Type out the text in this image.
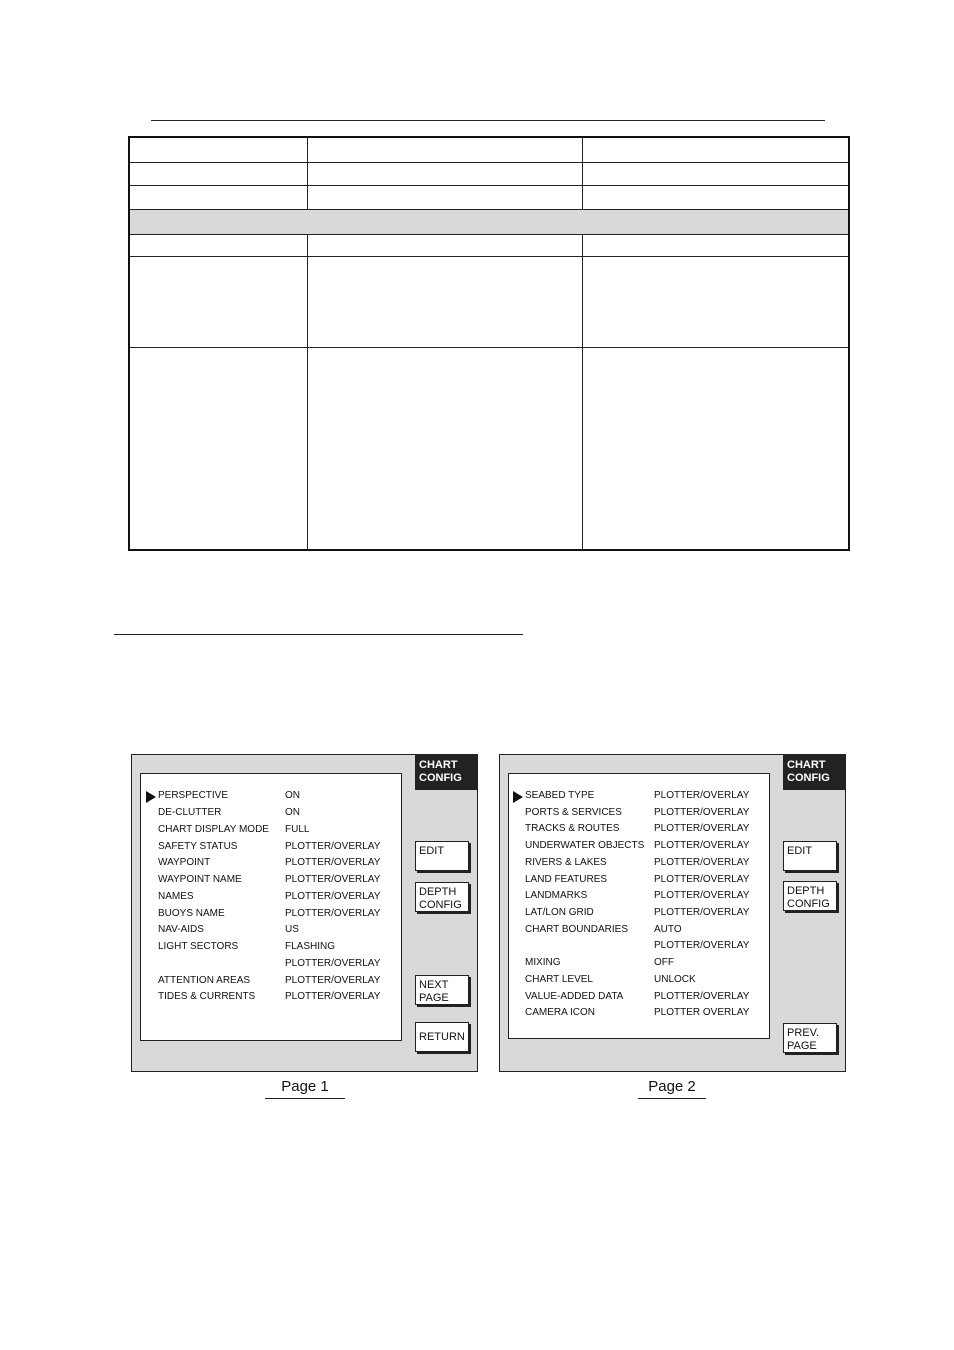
CHART
CONFIG
PERSPECTIVE	ON
DE-CLUTTER	ON
CHART DISPLAY MODE FULL
SAFETY STATUS	PLOTTER/OVERLAY
WAYPOINT	PLOTTER/OVERLAY
WAYPOINT NAME	PLOTTER/OVERLAY
NAMES	PLOTTER/OVERLAY
BUOYS NAME	PLOTTER/OVERLAY
NAV-AIDS	US
LIGHT SECTORS	FLASHING
PLOTTER/OVERLAY
ATTENTION AREAS	PLOTTER/OVERLAY
TIDES & CURRENTS	PLOTTER/OVERLAY
EDIT
DEPTH
CONFIG
NEXT
PAGE
RETURN
Page 1
CHART
CONFIG
SEABED TYPE	PLOTTER/OVERLAY
PORTS & SERVICES	PLOTTER/OVERLAY
TRACKS & ROUTES	PLOTTER/OVERLAY
UNDERWATER OBJECTS PLOTTER/OVERLAY
RIVERS & LAKES	PLOTTER/OVERLAY
LAND FEATURES	PLOTTER/OVERLAY
LANDMARKS	PLOTTER/OVERLAY
LAT/LON GRID	PLOTTER/OVERLAY
CHART BOUNDARIES	AUTO
PLOTTER/OVERLAY
MIXING	OFF
CHART LEVEL	UNLOCK
VALUE-ADDED DATA	PLOTTER/OVERLAY
CAMERA ICON	PLOTTER OVERLAY
EDIT
DEPTH
CONFIG
PREV.
PAGE
Page 2
